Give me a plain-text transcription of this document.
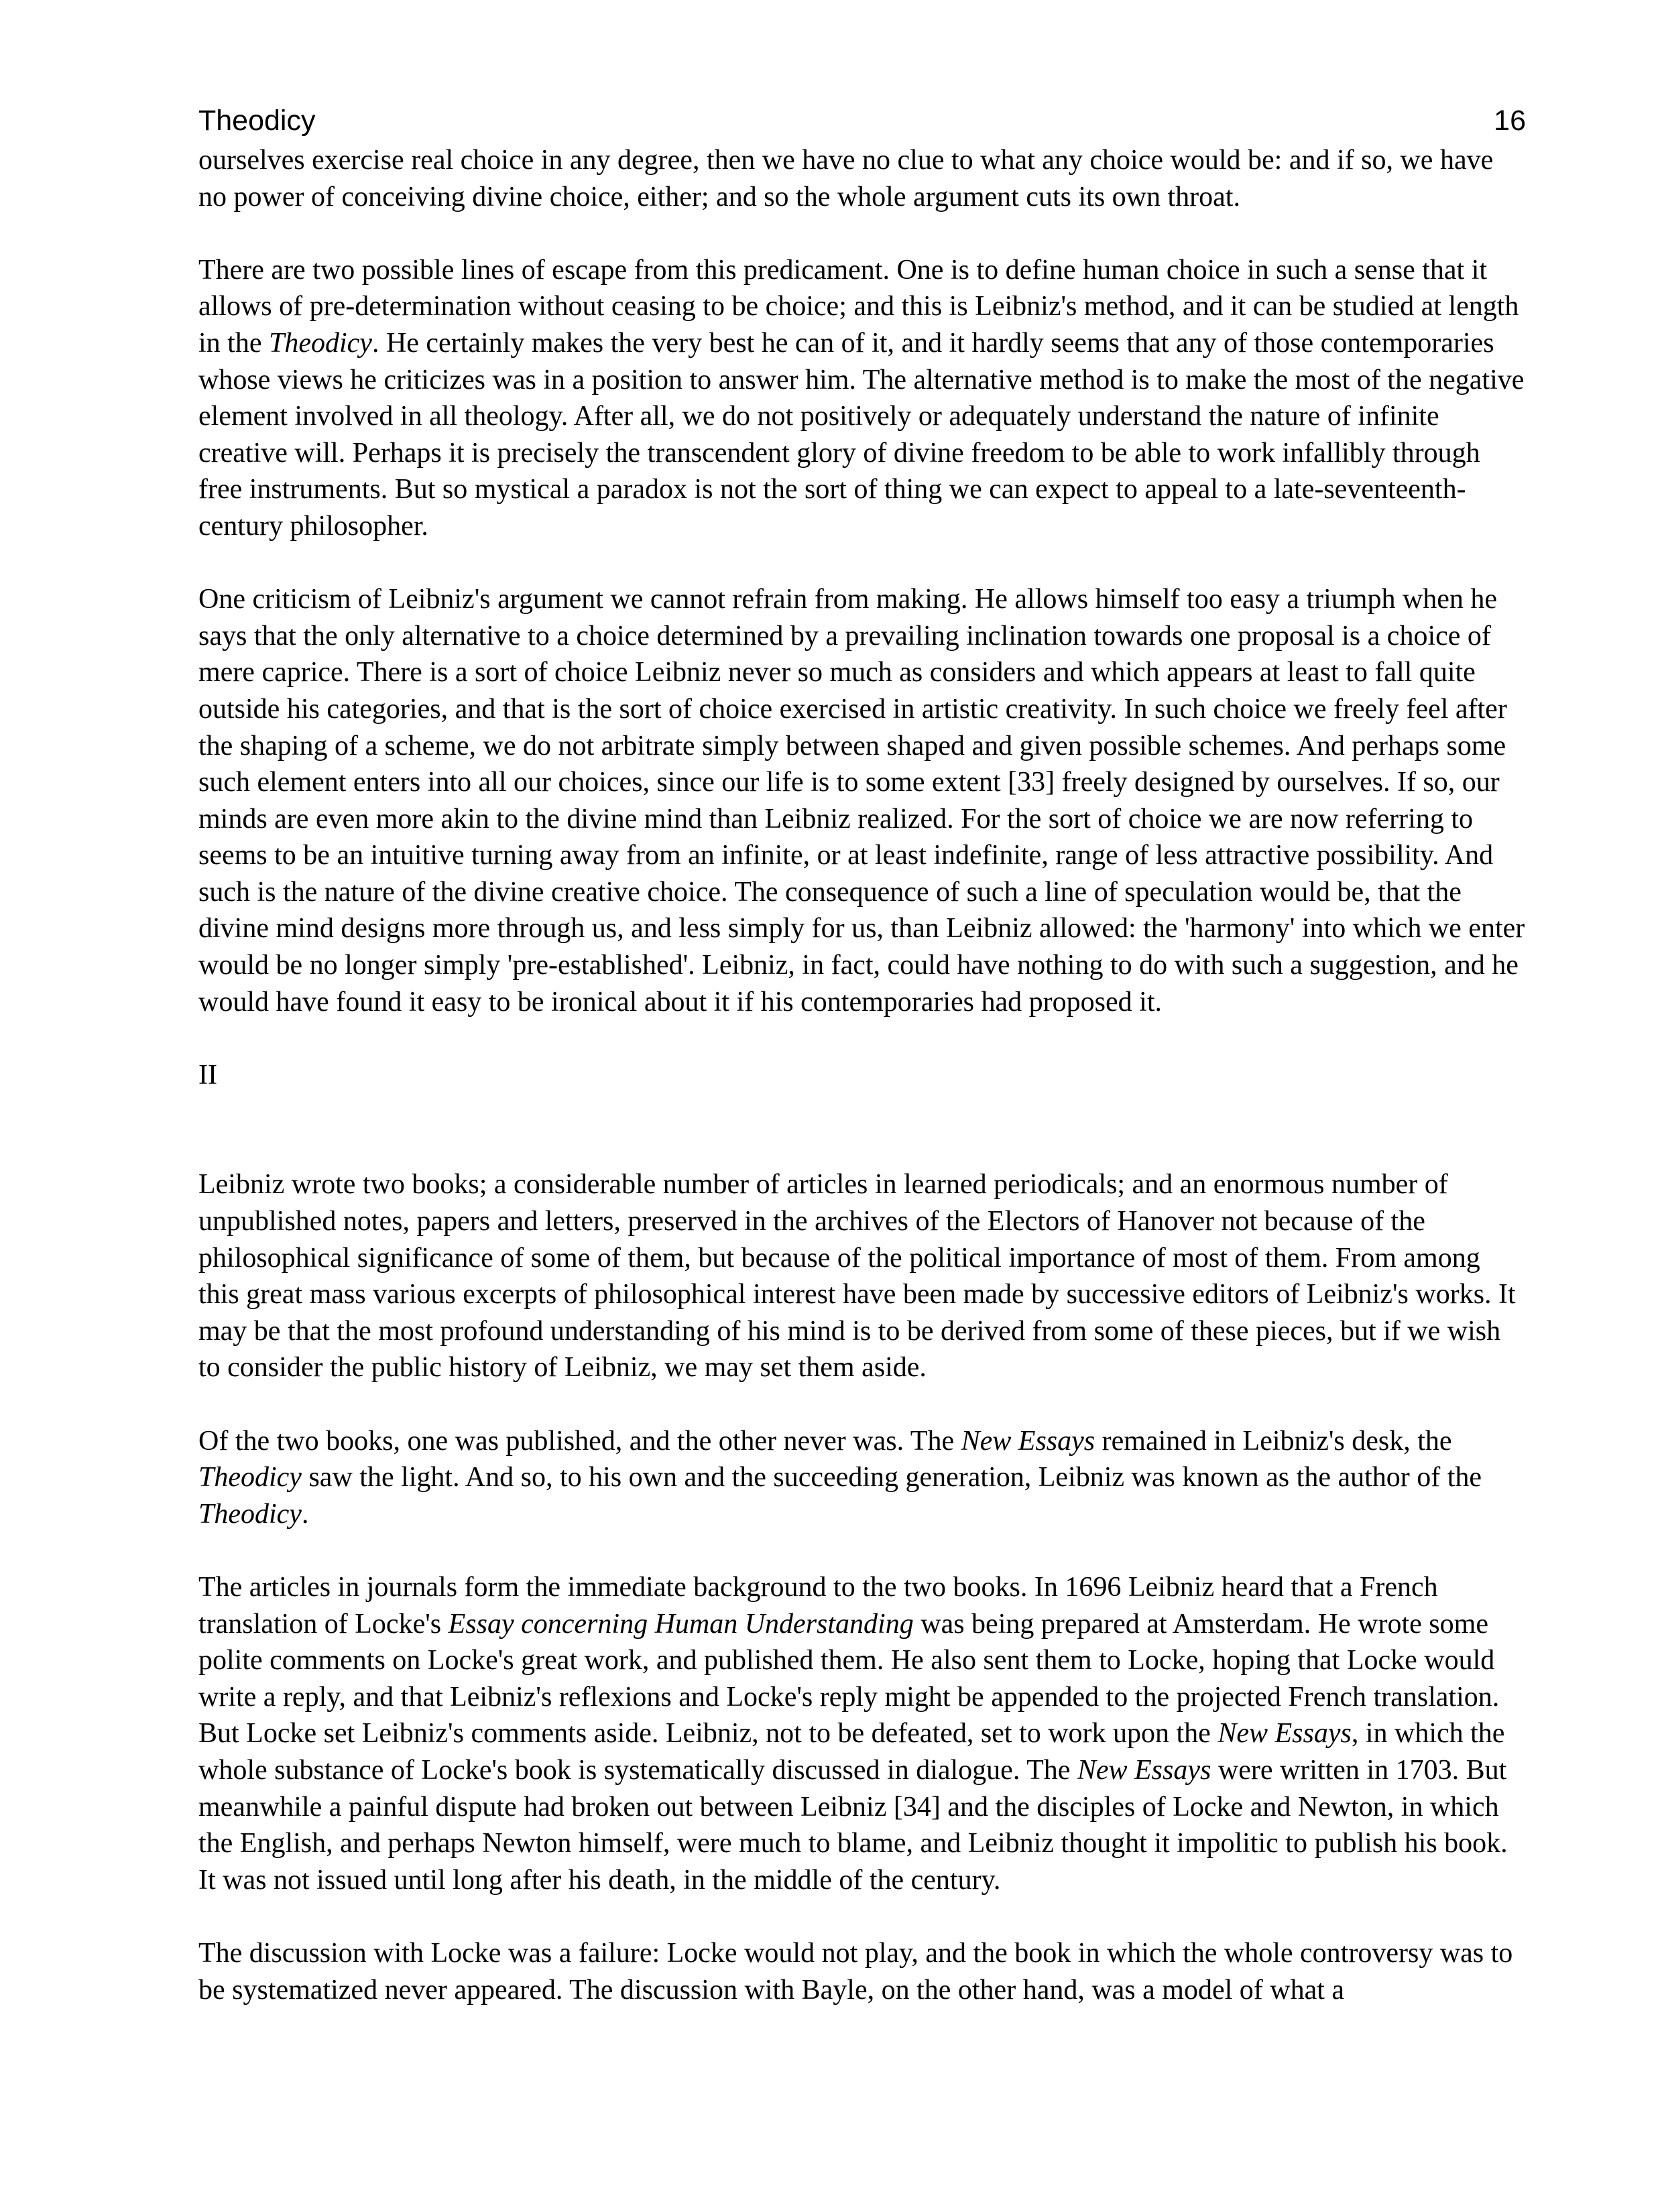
Theodicy	16

ourselves exercise real choice in any degree, then we have no clue to what any choice would be: and if so, we have no power of conceiving divine choice, either; and so the whole argument cuts its own throat.

There are two possible lines of escape from this predicament. One is to define human choice in such a sense that it allows of pre-determination without ceasing to be choice; and this is Leibniz's method, and it can be studied at length in the Theodicy. He certainly makes the very best he can of it, and it hardly seems that any of those contemporaries whose views he criticizes was in a position to answer him. The alternative method is to make the most of the negative element involved in all theology. After all, we do not positively or adequately understand the nature of infinite creative will. Perhaps it is precisely the transcendent glory of divine freedom to be able to work infallibly through free instruments. But so mystical a paradox is not the sort of thing we can expect to appeal to a late-seventeenth-century philosopher.

One criticism of Leibniz's argument we cannot refrain from making. He allows himself too easy a triumph when he says that the only alternative to a choice determined by a prevailing inclination towards one proposal is a choice of mere caprice. There is a sort of choice Leibniz never so much as considers and which appears at least to fall quite outside his categories, and that is the sort of choice exercised in artistic creativity. In such choice we freely feel after the shaping of a scheme, we do not arbitrate simply between shaped and given possible schemes. And perhaps some such element enters into all our choices, since our life is to some extent [33] freely designed by ourselves. If so, our minds are even more akin to the divine mind than Leibniz realized. For the sort of choice we are now referring to seems to be an intuitive turning away from an infinite, or at least indefinite, range of less attractive possibility. And such is the nature of the divine creative choice. The consequence of such a line of speculation would be, that the divine mind designs more through us, and less simply for us, than Leibniz allowed: the 'harmony' into which we enter would be no longer simply 'pre-established'. Leibniz, in fact, could have nothing to do with such a suggestion, and he would have found it easy to be ironical about it if his contemporaries had proposed it.

II

Leibniz wrote two books; a considerable number of articles in learned periodicals; and an enormous number of unpublished notes, papers and letters, preserved in the archives of the Electors of Hanover not because of the philosophical significance of some of them, but because of the political importance of most of them. From among this great mass various excerpts of philosophical interest have been made by successive editors of Leibniz's works. It may be that the most profound understanding of his mind is to be derived from some of these pieces, but if we wish to consider the public history of Leibniz, we may set them aside.

Of the two books, one was published, and the other never was. The New Essays remained in Leibniz's desk, the Theodicy saw the light. And so, to his own and the succeeding generation, Leibniz was known as the author of the Theodicy.

The articles in journals form the immediate background to the two books. In 1696 Leibniz heard that a French translation of Locke's Essay concerning Human Understanding was being prepared at Amsterdam. He wrote some polite comments on Locke's great work, and published them. He also sent them to Locke, hoping that Locke would write a reply, and that Leibniz's reflexions and Locke's reply might be appended to the projected French translation. But Locke set Leibniz's comments aside. Leibniz, not to be defeated, set to work upon the New Essays, in which the whole substance of Locke's book is systematically discussed in dialogue. The New Essays were written in 1703. But meanwhile a painful dispute had broken out between Leibniz [34] and the disciples of Locke and Newton, in which the English, and perhaps Newton himself, were much to blame, and Leibniz thought it impolitic to publish his book. It was not issued until long after his death, in the middle of the century.

The discussion with Locke was a failure: Locke would not play, and the book in which the whole controversy was to be systematized never appeared. The discussion with Bayle, on the other hand, was a model of what a
